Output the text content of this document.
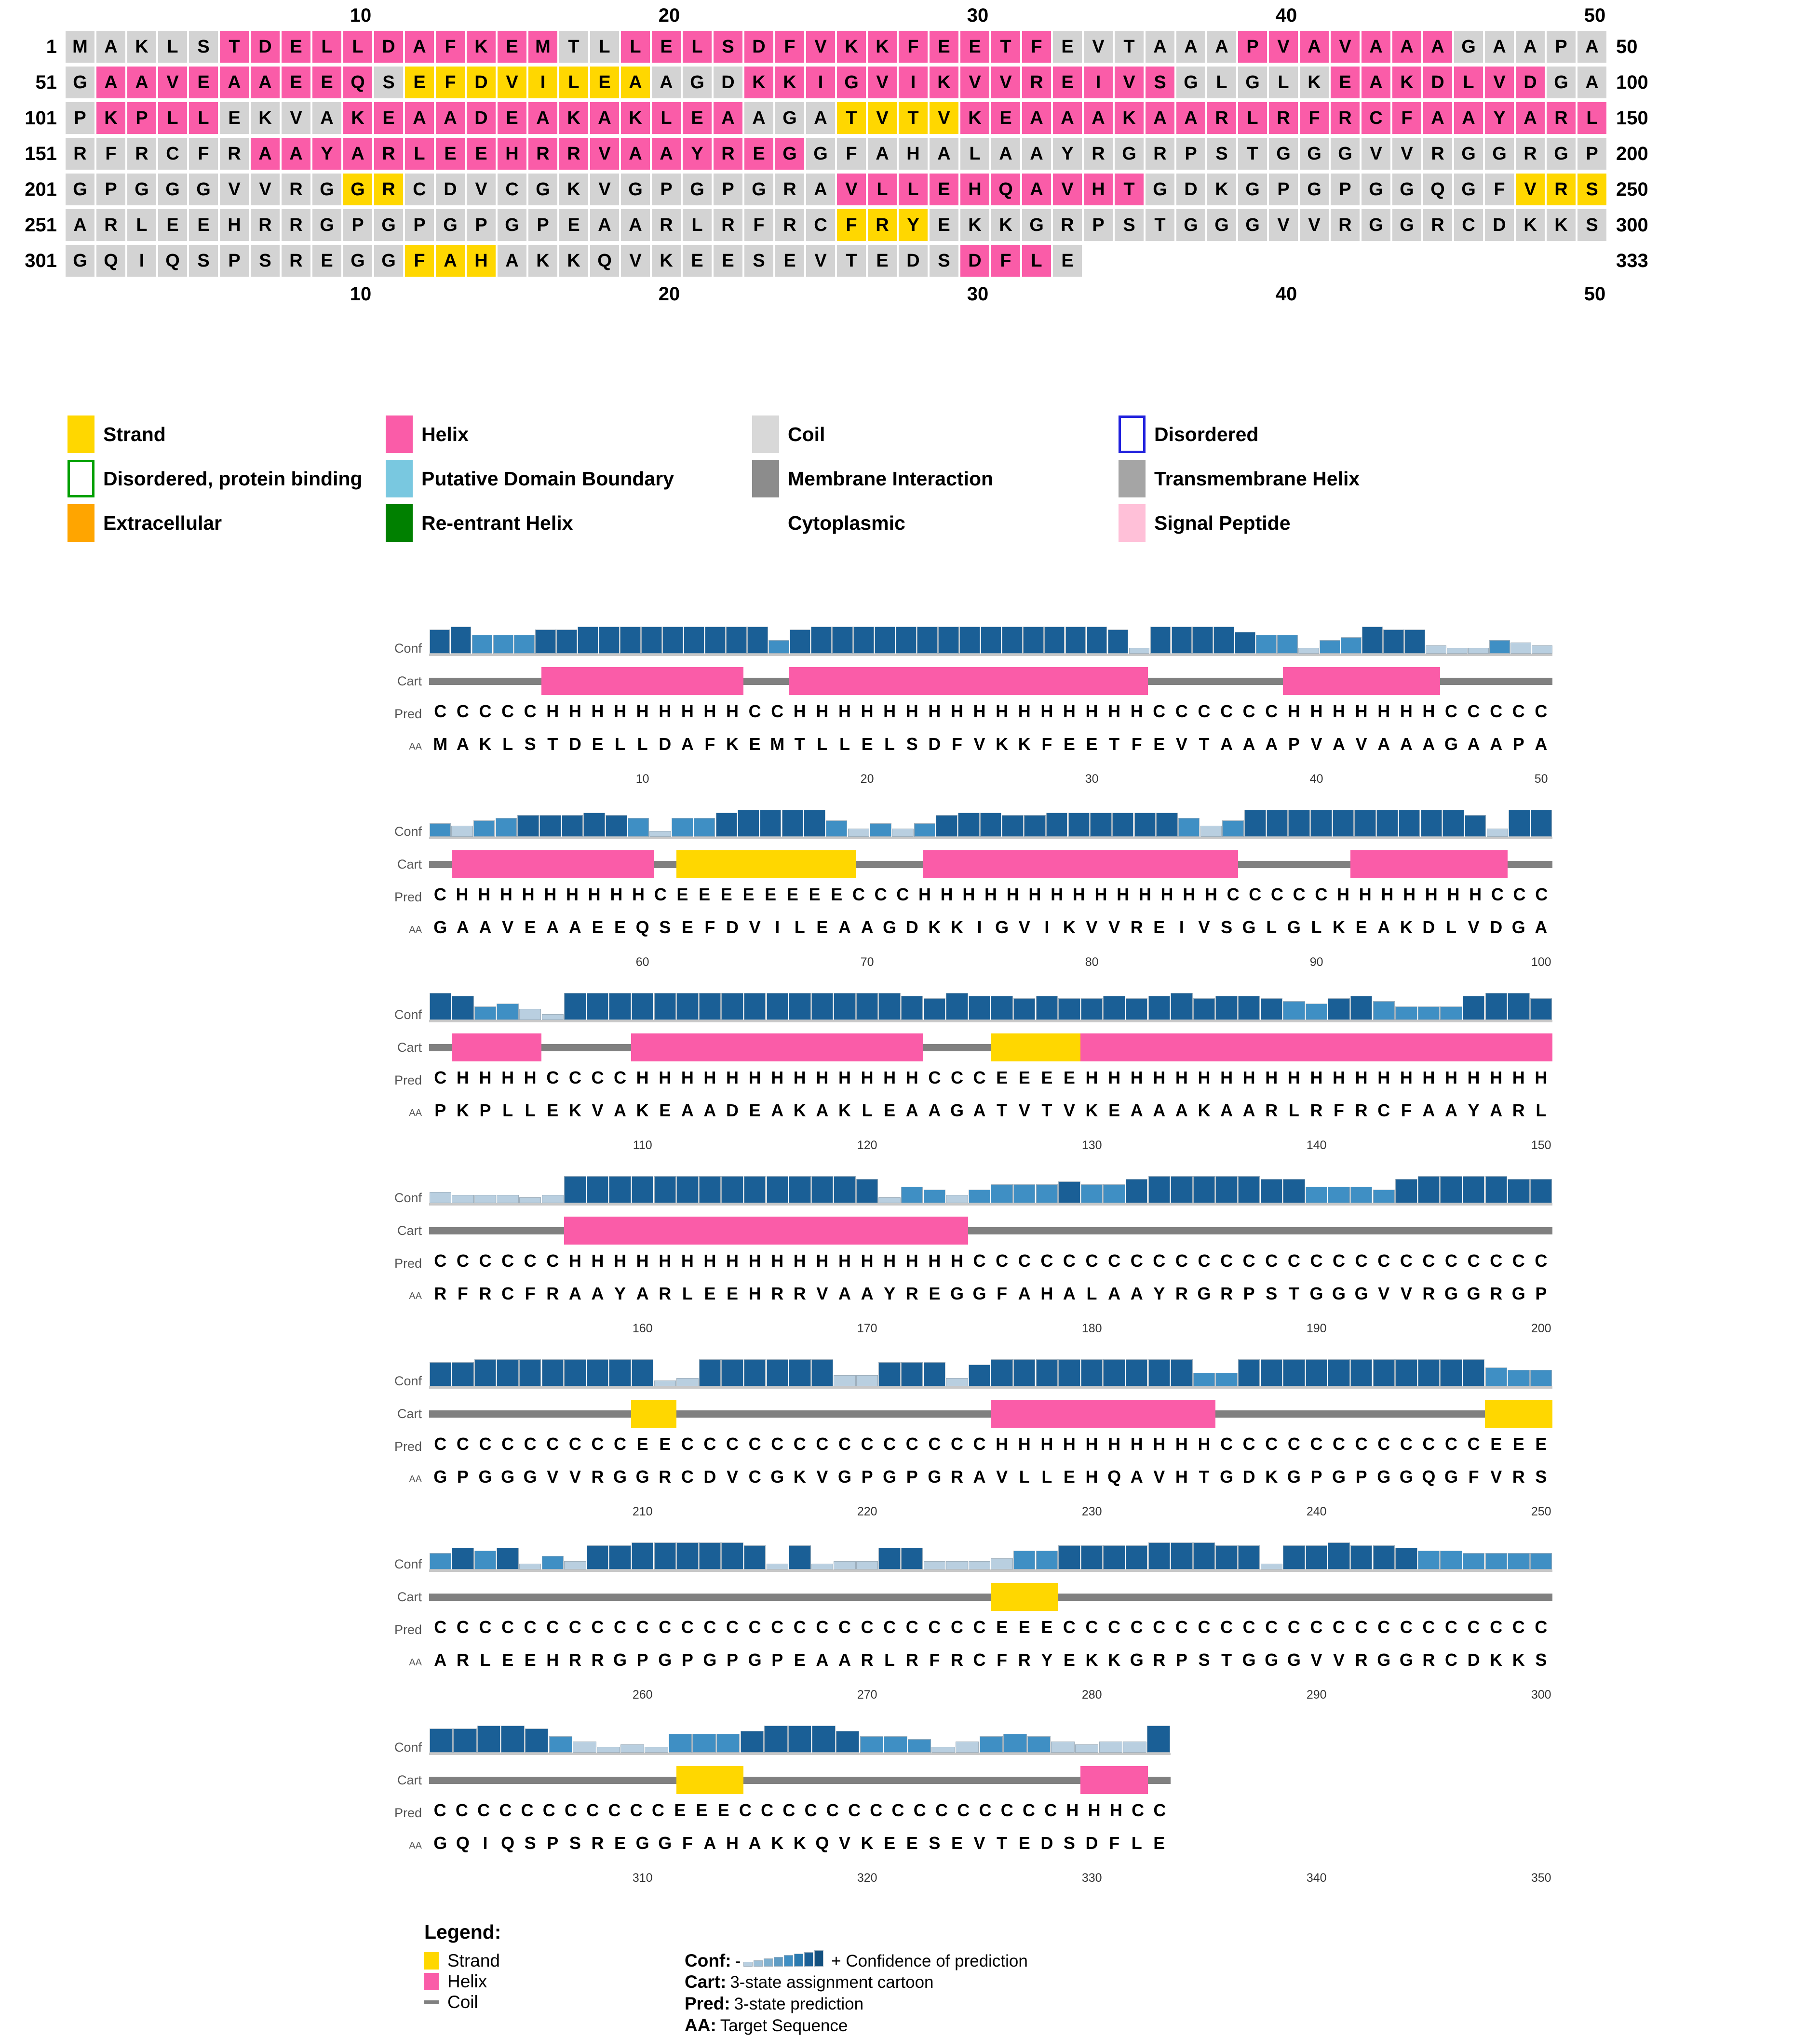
10	20	30	40	50
1 M A K	L	S	T	D E	L	L	D A	F	K E M T	L	L	E	L	S D	F	V K K	F	E	E	T	F	E	V	T	A A A P	V A V A A A G A A P A 50
51 G A A V	E A A E	E Q S	E	F	D V	I	L	E A A G D K K	I	G V	I	K V	V R E	I	V	S G L G L	K E A K D	L	V D G A 100
101 P K P	L	L	E K V A K E A A D E A K A K	L	E A A G A	T	V	T	V K E A A A K A A R	L	R	F	R C	F	A A Y A R	L 150
151 R	F	R C	F	R A A Y A R	L	E	E H R R V A A Y R E G G F	A H A	L	A A Y R G R P	S	T G G G V	V R G G R G P 200
201 G P G G G V	V R G G R C D V C G K V G P G P G R A V	L	L	E H Q A V H	T G D K G P G P G G Q G F	V R S 250
251 A R	L	E	E H R R G P G P G P G P	E A A R	L	R	F	R C	F	R Y	E K K G R P	S	T G G G V	V R G G R C D K K S 300
301 G Q	I	Q S	P	S R E G G F	A H A K K Q V K E	E	S	E	V	T	E D S D	F	L	E	333
10	20	30	40	50
Strand	Helix	Coil	Disordered
Disordered, protein binding	Putative Domain Boundary	Membrane Interaction	Transmembrane Helix
Extracellular	Re-entrant Helix	Cytoplasmic	Signal Peptide
Conf
Cart
Pred C C C C C H H H H H H H H H C C H H H H H H H H H H H H H H H H C C C C C C H H H H H H H C C C C C
AA M A K L S T D E L L D A F K E M T L L E L S D F V K K F E E T F E V T A A A P V A V A A A G A A P A
10	20	30	40	50
Conf
Cart
Pred C H H H H H H H H H C E E E E E E E E C C C H H H H H H H H H H H H H H C C C C C H H H H H H H C C C
AA G A A V E A A E E Q S E F D V I L E A A G D K K I G V I K V V R E I V S G L G L K E A K D L V D G A
60	70	80	90	100
Conf
Cart
Pred C H H H H C C C C H H H H H H H H H H H H H C C C E E E E H H H H H H H H H H H H H H H H H H H H H
AA P K P L L E K V A K E A A D E A K A K L E A A G A T V T V K E A A A K A A R L R F R C F A A Y A R L
110	120	130	140	150
Conf
Cart
Pred C C C C C C H H H H H H H H H H H H H H H H H H C C C C C C C C C C C C C C C C C C C C C C C C C C
AA R F R C F R A A Y A R L E E H R R V A A Y R E G G F A H A L A A Y R G R P S T G G G V V R G G R G P
160	170	180	190	200
Conf
Cart
Pred C C C C C C C C C E E C C C C C C C C C C C C C C H H H H H H H H H H C C C C C C C C C C C C E E E
AA G P G G G V V R G G R C D V C G K V G P G P G R A V L L E H Q A V H T G D K G P G P G G Q G F V R S
210	220	230	240	250
Conf
Cart
Pred C C C C C C C C C C C C C C C C C C C C C C C C C E E E C C C C C C C C C C C C C C C C C C C C C C
AA A R L E E H R R G P G P G P G P E A A R L R F R C F R Y E K K G R P S T G G G V V R G G R C D K K S
260	270	280	290	300
Conf
Cart
Pred C C C C C C C C C C C E E E C C C C C C C C C C C C C C C H H H C C
AA G Q I Q S P S R E G G F A H A K K Q V K E E S E V T E D S D F L E
310	320	330	340	350
Legend:
Strand
Helix
Coil
Conf: -	+ Confidence of prediction
Cart: 3-state assignment cartoon
Pred: 3-state prediction
AA: Target Sequence
